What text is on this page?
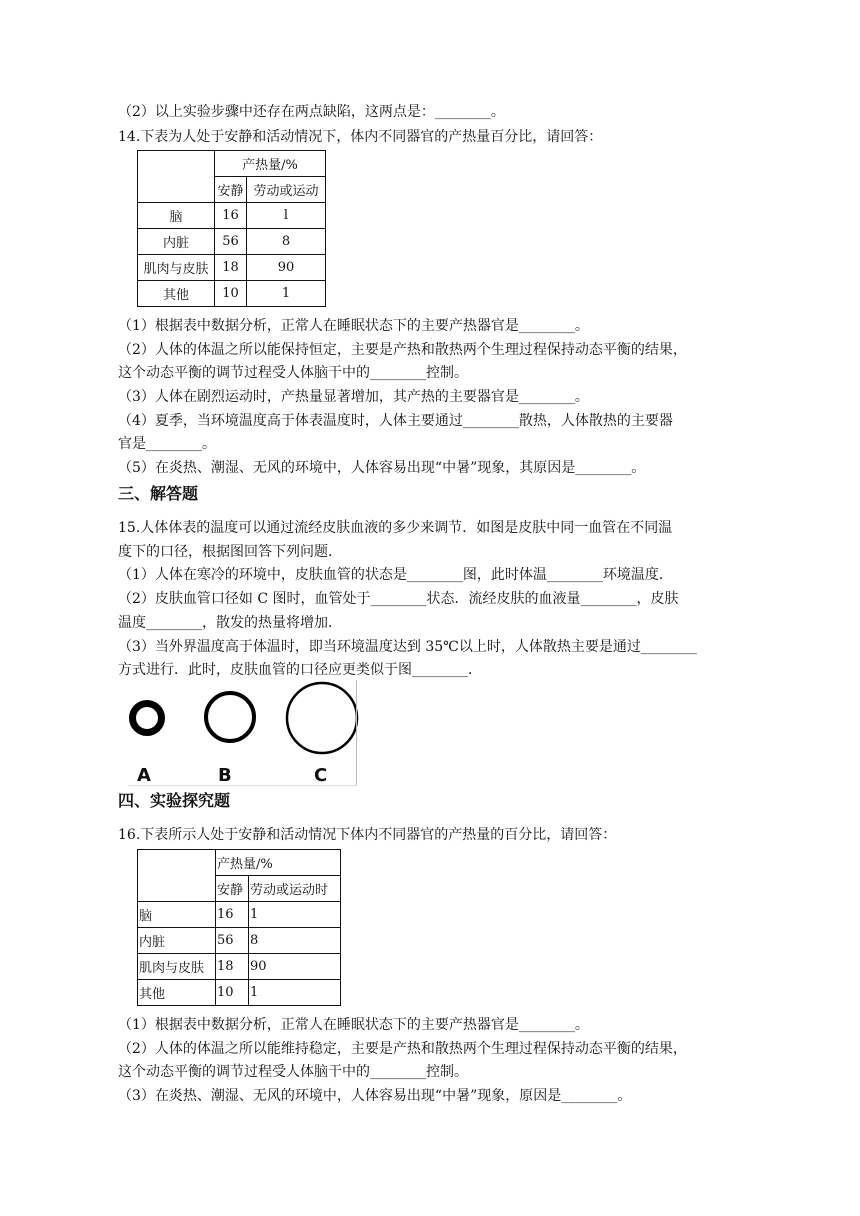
（2）以上实验步骤中还存在两点缺陷，这两点是：________。
14.下表为人处于安静和活动情况下，体内不同器官的产热量百分比，请回答：
	产热量/%	
	安静	劳动或运动
脑	16	l
内脏	56	8
肌肉与皮肤	18	90
其他	10	1
（1）根据表中数据分析，正常人在睡眠状态下的主要产热器官是________。
（2）人体的体温之所以能保持恒定，主要是产热和散热两个生理过程保持动态平衡的结果，
这个动态平衡的调节过程受人体脑干中的________控制。
（3）人体在剧烈运动时，产热量显著增加，其产热的主要器官是________。
（4）夏季，当环境温度高于体表温度时，人体主要通过________散热，人体散热的主要器
官是________。
（5）在炎热、潮湿、无风的环境中，人体容易出现“中暑”现象，其原因是________。
三、解答题
15.人体体表的温度可以通过流经皮肤血液的多少来调节．如图是皮肤中同一血管在不同温
度下的口径，根据图回答下列问题．
（1）人体在寒冷的环境中，皮肤血管的状态是________图，此时体温________环境温度．
（2）皮肤血管口径如 C 图时，血管处于________状态．流经皮肤的血液量________，皮肤
温度________，散发的热量将增加．
（3）当外界温度高于体温时，即当环境温度达到 35℃以上时，人体散热主要是通过________
方式进行．此时，皮肤血管的口径应更类似于图________．
A	B	C
四、实验探究题
16.下表所示人处于安静和活动情况下体内不同器官的产热量的百分比，请回答：
	产热量/%	
	安静	劳动或运动时
脑	16	1
内脏	56	8
肌肉与皮肤	18	90
其他	10	1
（1）根据表中数据分析，正常人在睡眠状态下的主要产热器官是________。
（2）人体的体温之所以能维持稳定，主要是产热和散热两个生理过程保持动态平衡的结果，
这个动态平衡的调节过程受人体脑干中的________控制。
（3）在炎热、潮湿、无风的环境中，人体容易出现“中暑”现象，原因是________。
